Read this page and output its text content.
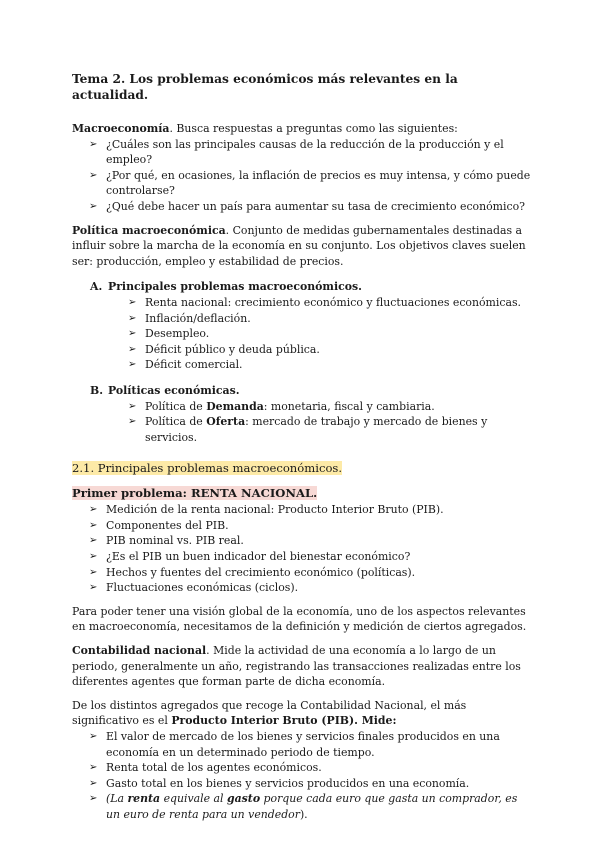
Tema 2. Los problemas económicos más relevantes en la actualidad.

Macroeconomía. Busca respuestas a preguntas como las siguientes:

➢ ¿Cuáles son las principales causas de la reducción de la producción y el empleo?
➢ ¿Por qué, en ocasiones, la inflación de precios es muy intensa, y cómo puede controlarse?
➢ ¿Qué debe hacer un país para aumentar su tasa de crecimiento económico?

Política macroeconómica. Conjunto de medidas gubernamentales destinadas a influir sobre la marcha de la economía en su conjunto. Los objetivos claves suelen ser: producción, empleo y estabilidad de precios.

A. Principales problemas macroeconómicos.
➢ Renta nacional: crecimiento económico y fluctuaciones económicas.
➢ Inflación/deflación.
➢ Desempleo.
➢ Déficit público y deuda pública.
➢ Déficit comercial.
B. Políticas económicas.
➢ Política de Demanda: monetaria, fiscal y cambiaria.
➢ Política de Oferta: mercado de trabajo y mercado de bienes y servicios.
2.1. Principales problemas macroeconómicos.
Primer problema: RENTA NACIONAL.
➢ Medición de la renta nacional: Producto Interior Bruto (PIB).
➢ Componentes del PIB.
➢ PIB nominal vs. PIB real.
➢ ¿Es el PIB un buen indicador del bienestar económico?
➢ Hechos y fuentes del crecimiento económico (políticas).
➢ Fluctuaciones económicas (ciclos).

Para poder tener una visión global de la economía, uno de los aspectos relevantes en macroeconomía, necesitamos de la definición y medición de ciertos agregados.

Contabilidad nacional. Mide la actividad de una economía a lo largo de un periodo, generalmente un año, registrando las transacciones realizadas entre los diferentes agentes que forman parte de dicha economía.

De los distintos agregados que recoge la Contabilidad Nacional, el más significativo es el Producto Interior Bruto (PIB). Mide:

➢ El valor de mercado de los bienes y servicios finales producidos en una economía en un determinado periodo de tiempo.
➢ Renta total de los agentes económicos.
➢ Gasto total en los bienes y servicios producidos en una economía.
➢ (La renta equivale al gasto porque cada euro que gasta un comprador, es un euro de renta para un vendedor).
